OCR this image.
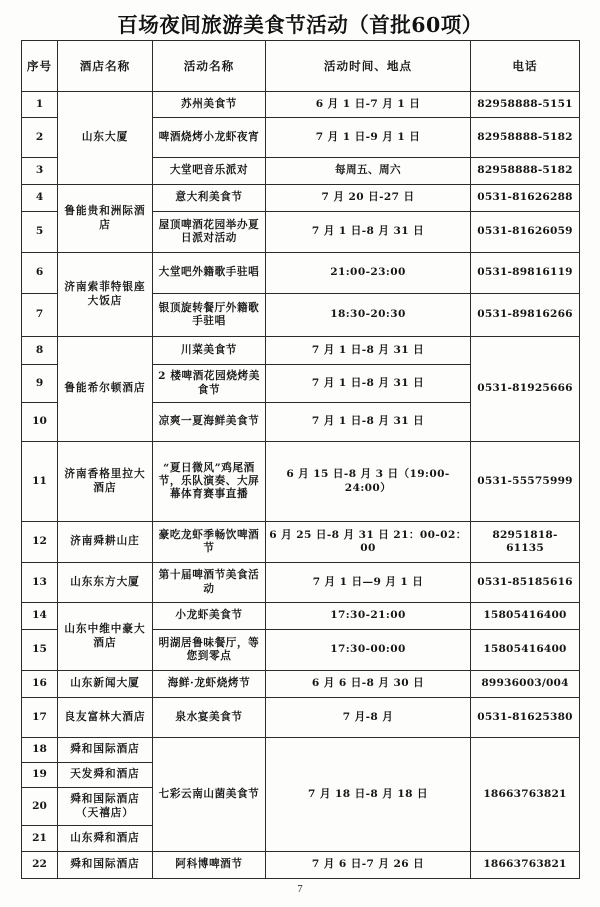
百场夜间旅游美食节活动（首批60项）
序号	酒店名称	活动名称	活动时间、地点	电话
1	山东大厦	苏州美食节	6 月 1 日-7 月 1 日	82958888-5151
2		啤酒烧烤小龙虾夜宵	7 月 1 日-9 月 1 日	82958888-5182
3		大堂吧音乐派对	每周五、周六	82958888-5182
4	鲁能贵和洲际酒店	意大利美食节	7 月 20 日-27 日	0531-81626288
5		屋顶啤酒花园举办夏日派对活动	7 月 1 日-8 月 31 日	0531-81626059
6	济南索菲特银座大饭店	大堂吧外籍歌手驻唱	21:00-23:00	0531-89816119
7		银顶旋转餐厅外籍歌手驻唱	18:30-20:30	0531-89816266
8	鲁能希尔顿酒店	川菜美食节	7 月 1 日-8 月 31 日	0531-81925666
9		2 楼啤酒花园烧烤美食节	7 月 1 日-8 月 31 日	
10		凉爽一夏海鲜美食节	7 月 1 日-8 月 31 日	
11	济南香格里拉大酒店	“夏日微风”鸡尾酒节，乐队演奏、大屏幕体育赛事直播	6 月 15 日-8 月 3 日（19:00-24:00）	0531-55575999
12	济南舜耕山庄	豪吃龙虾季畅饮啤酒节	6 月 25 日-8 月 31 日 21：00-02：00	82951818-61135
13	山东东方大厦	第十届啤酒节美食活动	7 月 1 日—9 月 1 日	0531-85185616
14	山东中维中豪大酒店	小龙虾美食节	17:30-21:00	15805416400
15		明湖居鲁味餐厅，等您到零点	17:30-00:00	15805416400
16	山东新闻大厦	海鲜·龙虾烧烤节	6 月 6 日-8 月 30 日	89936003/004
17	良友富林大酒店	泉水宴美食节	7 月-8 月	0531-81625380
18	舜和国际酒店	七彩云南山菌美食节	7 月 18 日-8 月 18 日	18663763821
19	天发舜和酒店			
20	舜和国际酒店（天禧店）			
21	山东舜和酒店			
22	舜和国际酒店	阿科博啤酒节	7 月 6 日-7 月 26 日	18663763821
7
